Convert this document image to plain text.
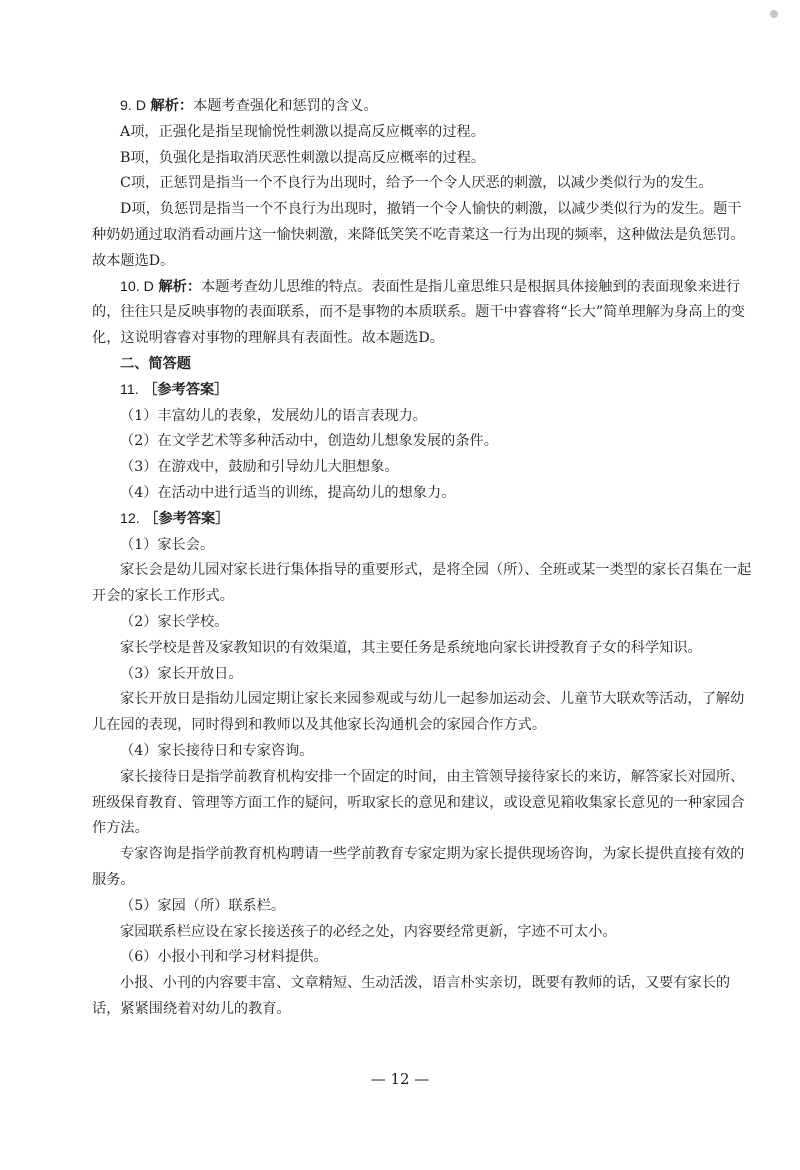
9. D 解析：本题考查强化和惩罚的含义。

A项，正强化是指呈现愉悦性刺激以提高反应概率的过程。

B项，负强化是指取消厌恶性刺激以提高反应概率的过程。

C项，正惩罚是指当一个不良行为出现时，给予一个令人厌恶的刺激，以减少类似行为的发生。

D项，负惩罚是指当一个不良行为出现时，撤销一个令人愉快的刺激，以减少类似行为的发生。题干种奶奶通过取消看动画片这一愉快刺激，来降低笑笑不吃青菜这一行为出现的频率，这种做法是负惩罚。故本题选D。

10. D 解析：本题考查幼儿思维的特点。表面性是指儿童思维只是根据具体接触到的表面现象来进行的，往往只是反映事物的表面联系，而不是事物的本质联系。题干中睿睿将“长大”简单理解为身高上的变化，这说明睿睿对事物的理解具有表面性。故本题选D。

二、简答题

11. ［参考答案］

（1）丰富幼儿的表象，发展幼儿的语言表现力。

（2）在文学艺术等多种活动中，创造幼儿想象发展的条件。

（3）在游戏中，鼓励和引导幼儿大胆想象。

（4）在活动中进行适当的训练，提高幼儿的想象力。

12. ［参考答案］

（1）家长会。

家长会是幼儿园对家长进行集体指导的重要形式，是将全园（所）、全班或某一类型的家长召集在一起开会的家长工作形式。

（2）家长学校。

家长学校是普及家教知识的有效渠道，其主要任务是系统地向家长讲授教育子女的科学知识。

（3）家长开放日。

家长开放日是指幼儿园定期让家长来园参观或与幼儿一起参加运动会、儿童节大联欢等活动，了解幼儿在园的表现，同时得到和教师以及其他家长沟通机会的家园合作方式。

（4）家长接待日和专家咨询。

家长接待日是指学前教育机构安排一个固定的时间，由主管领导接待家长的来访，解答家长对园所、班级保育教育、管理等方面工作的疑问，听取家长的意见和建议，或设意见箱收集家长意见的一种家园合作方法。

专家咨询是指学前教育机构聘请一些学前教育专家定期为家长提供现场咨询，为家长提供直接有效的服务。

（5）家园（所）联系栏。

家园联系栏应设在家长接送孩子的必经之处，内容要经常更新，字迹不可太小。

（6）小报小刊和学习材料提供。

小报、小刊的内容要丰富、文章精短、生动活泼，语言朴实亲切，既要有教师的话，又要有家长的话，紧紧围绕着对幼儿的教育。

— 12 —
